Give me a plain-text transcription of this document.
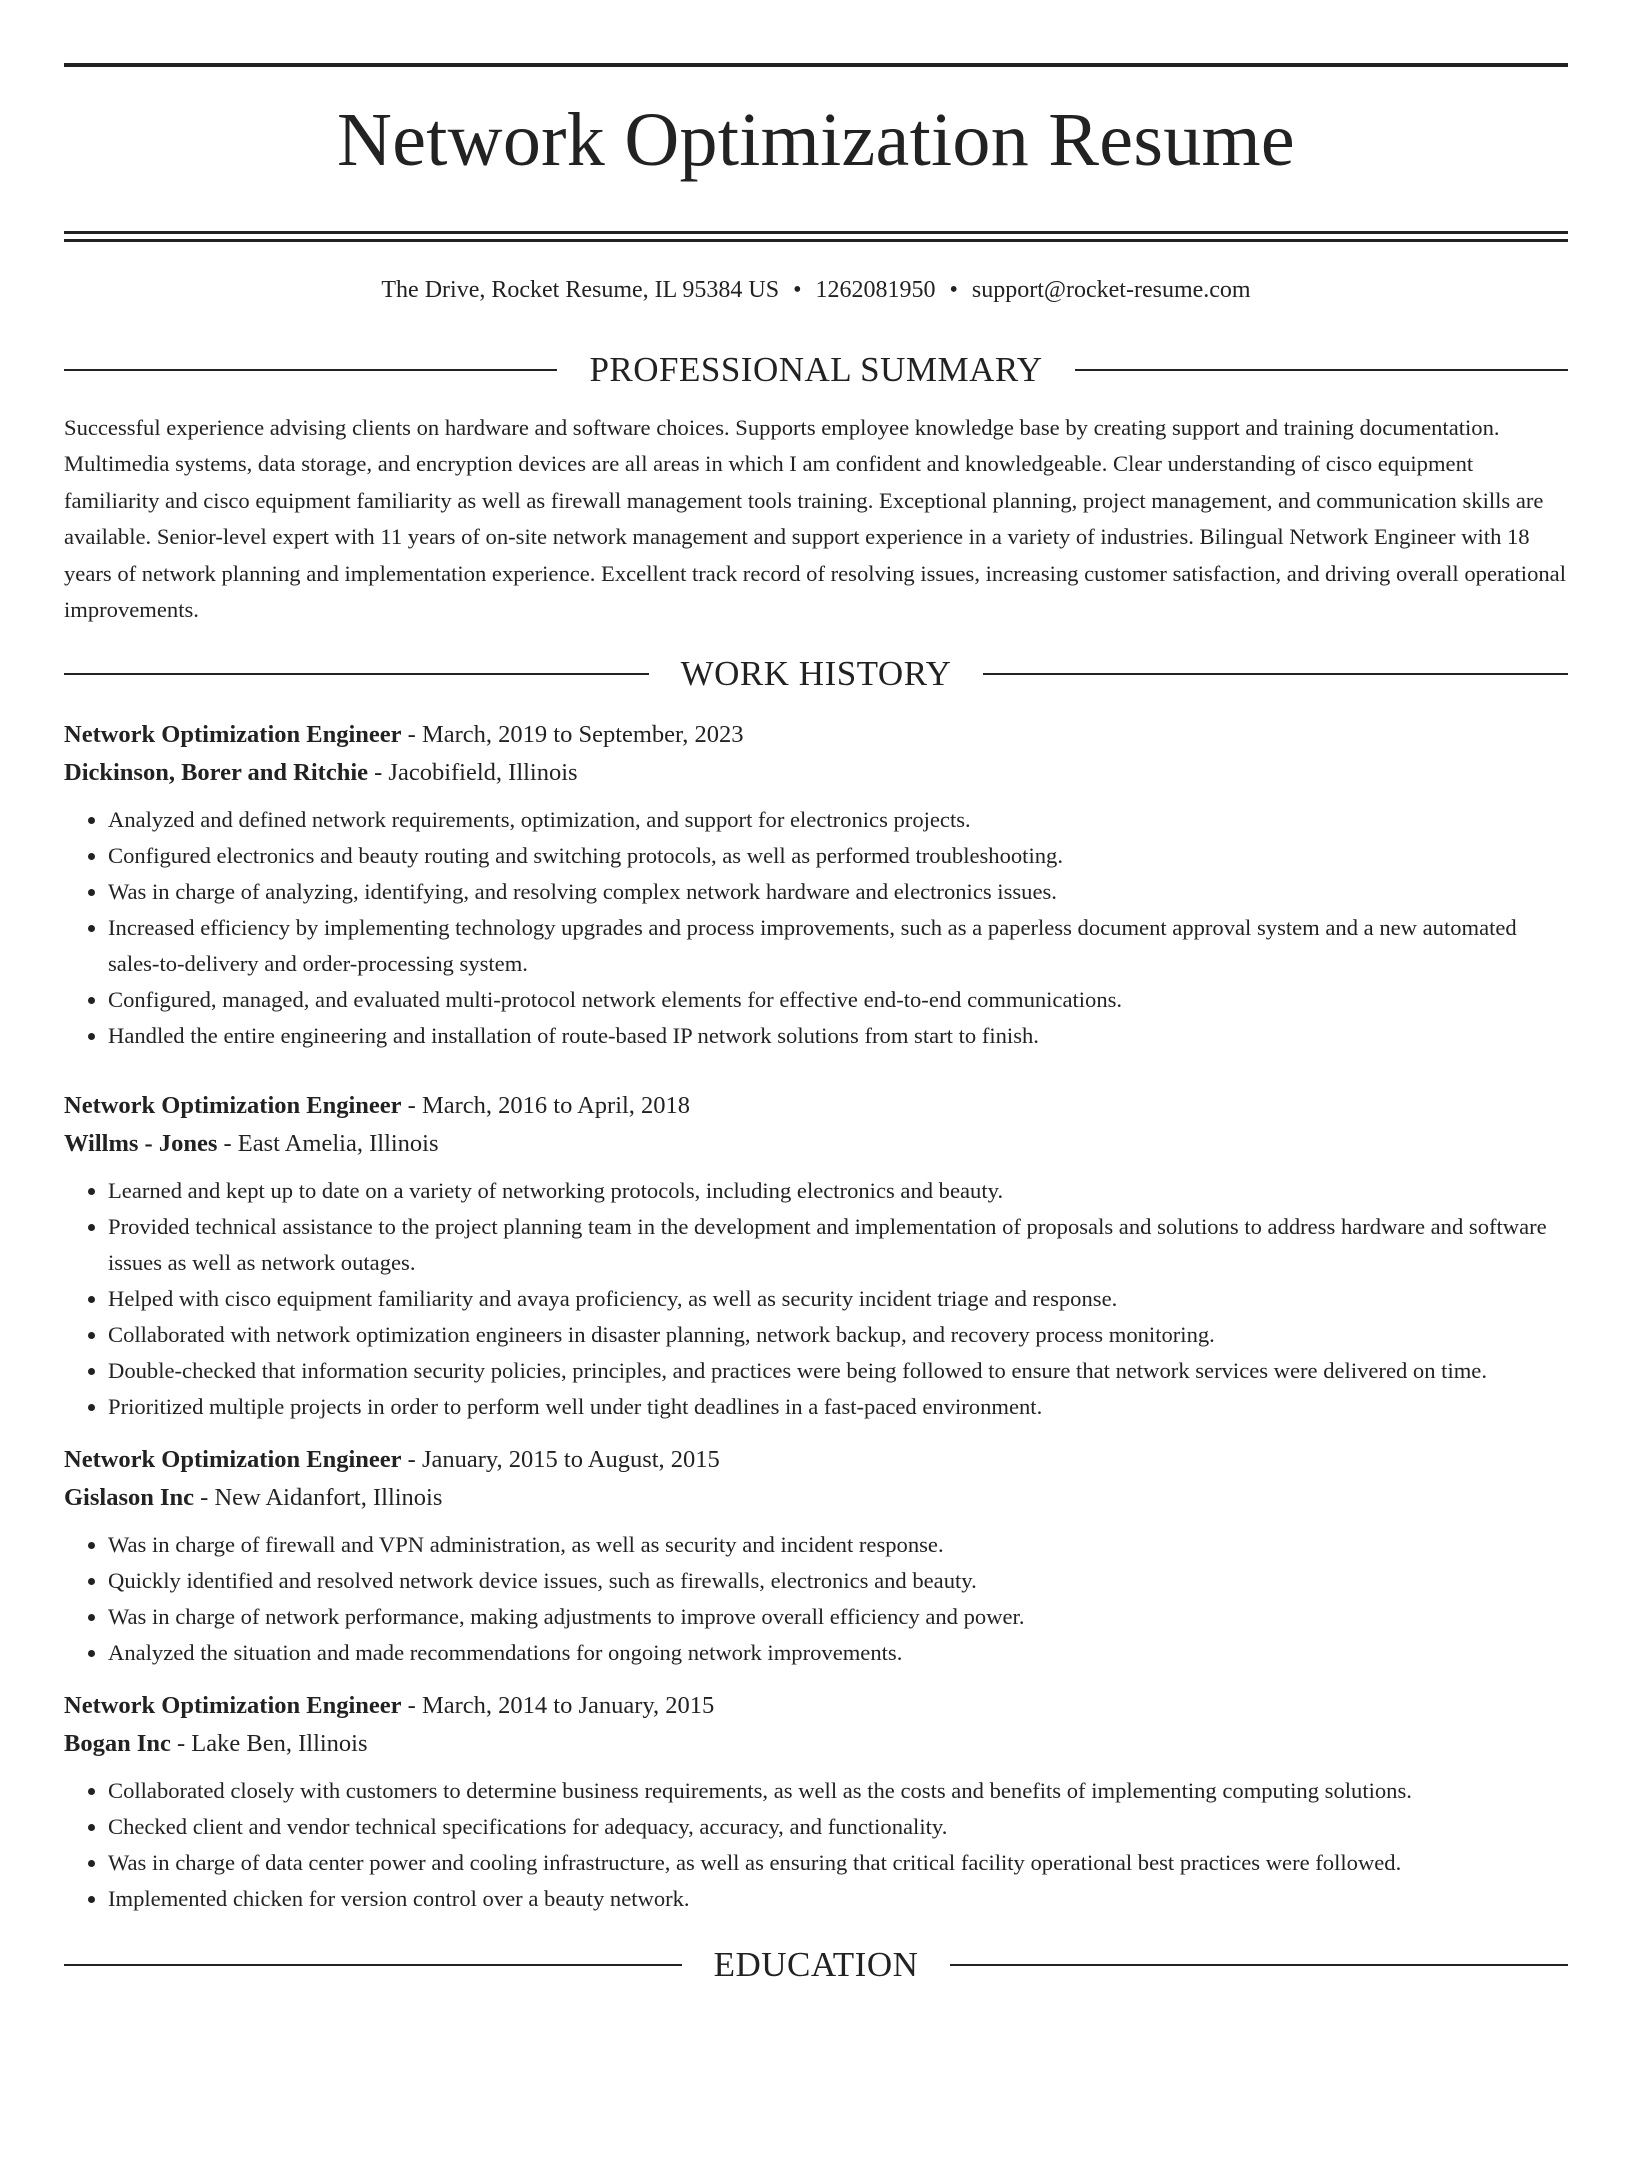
Network Optimization Resume
The Drive, Rocket Resume, IL 95384 US • 1262081950 • support@rocket-resume.com
PROFESSIONAL SUMMARY
Successful experience advising clients on hardware and software choices. Supports employee knowledge base by creating support and training documentation. Multimedia systems, data storage, and encryption devices are all areas in which I am confident and knowledgeable. Clear understanding of cisco equipment familiarity and cisco equipment familiarity as well as firewall management tools training. Exceptional planning, project management, and communication skills are available. Senior-level expert with 11 years of on-site network management and support experience in a variety of industries. Bilingual Network Engineer with 18 years of network planning and implementation experience. Excellent track record of resolving issues, increasing customer satisfaction, and driving overall operational improvements.
WORK HISTORY
Network Optimization Engineer - March, 2019 to September, 2023
Dickinson, Borer and Ritchie - Jacobifield, Illinois
• Analyzed and defined network requirements, optimization, and support for electronics projects.
• Configured electronics and beauty routing and switching protocols, as well as performed troubleshooting.
• Was in charge of analyzing, identifying, and resolving complex network hardware and electronics issues.
• Increased efficiency by implementing technology upgrades and process improvements, such as a paperless document approval system and a new automated sales-to-delivery and order-processing system.
• Configured, managed, and evaluated multi-protocol network elements for effective end-to-end communications.
• Handled the entire engineering and installation of route-based IP network solutions from start to finish.
Network Optimization Engineer - March, 2016 to April, 2018
Willms - Jones - East Amelia, Illinois
• Learned and kept up to date on a variety of networking protocols, including electronics and beauty.
• Provided technical assistance to the project planning team in the development and implementation of proposals and solutions to address hardware and software issues as well as network outages.
• Helped with cisco equipment familiarity and avaya proficiency, as well as security incident triage and response.
• Collaborated with network optimization engineers in disaster planning, network backup, and recovery process monitoring.
• Double-checked that information security policies, principles, and practices were being followed to ensure that network services were delivered on time.
• Prioritized multiple projects in order to perform well under tight deadlines in a fast-paced environment.
Network Optimization Engineer - January, 2015 to August, 2015
Gislason Inc - New Aidanfort, Illinois
• Was in charge of firewall and VPN administration, as well as security and incident response.
• Quickly identified and resolved network device issues, such as firewalls, electronics and beauty.
• Was in charge of network performance, making adjustments to improve overall efficiency and power.
• Analyzed the situation and made recommendations for ongoing network improvements.
Network Optimization Engineer - March, 2014 to January, 2015
Bogan Inc - Lake Ben, Illinois
• Collaborated closely with customers to determine business requirements, as well as the costs and benefits of implementing computing solutions.
• Checked client and vendor technical specifications for adequacy, accuracy, and functionality.
• Was in charge of data center power and cooling infrastructure, as well as ensuring that critical facility operational best practices were followed.
• Implemented chicken for version control over a beauty network.
EDUCATION
